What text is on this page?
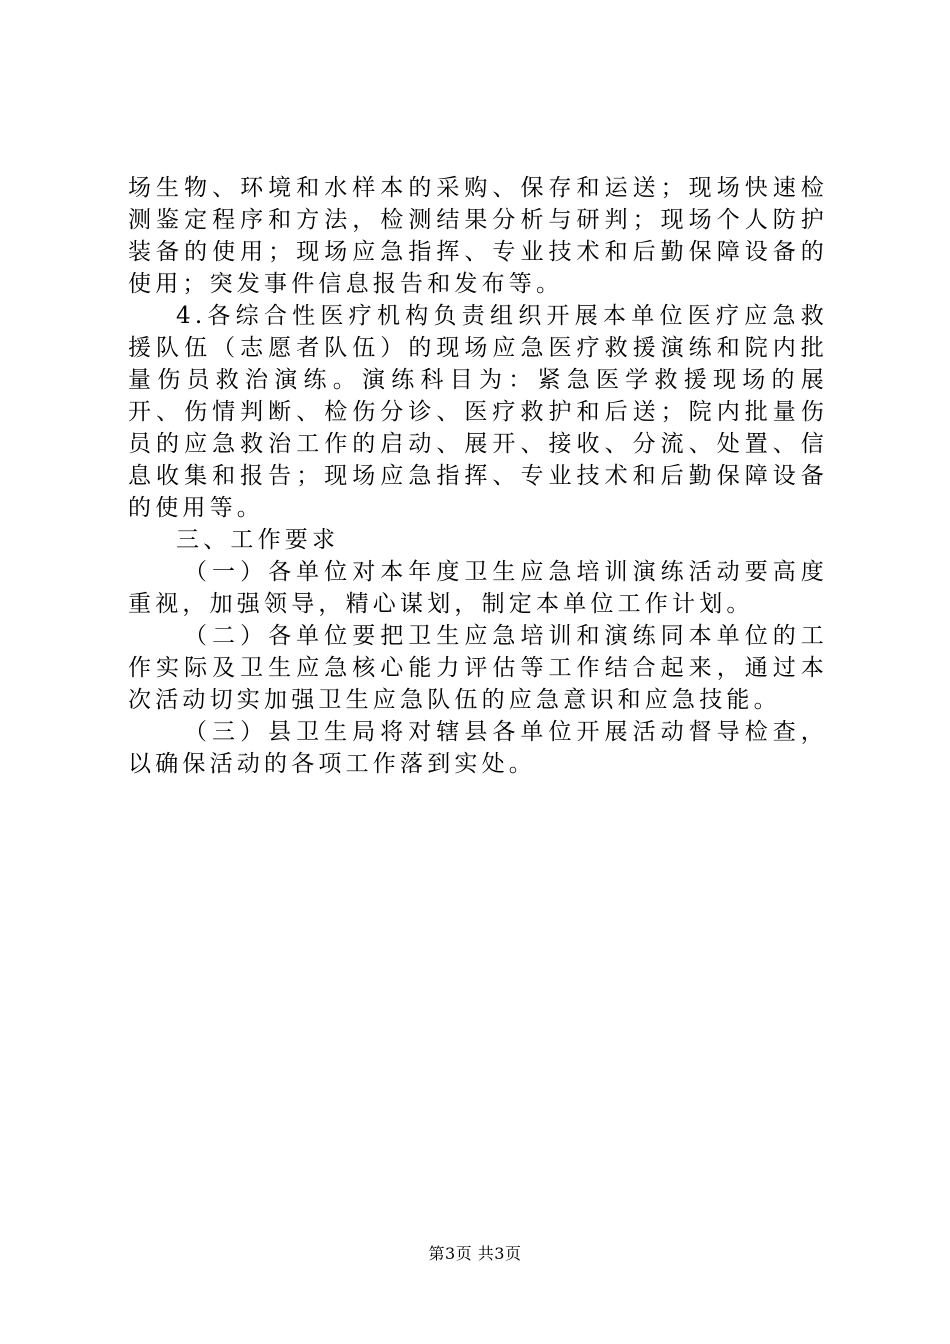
场生物、环境和水样本的采购、保存和运送；现场快速检测鉴定程序和方法，检测结果分析与研判；现场个人防护装备的使用；现场应急指挥、专业技术和后勤保障设备的使用；突发事件信息报告和发布等。

4.各综合性医疗机构负责组织开展本单位医疗应急救援队伍（志愿者队伍）的现场应急医疗救援演练和院内批量伤员救治演练。演练科目为：紧急医学救援现场的展开、伤情判断、检伤分诊、医疗救护和后送；院内批量伤员的应急救治工作的启动、展开、接收、分流、处置、信息收集和报告；现场应急指挥、专业技术和后勤保障设备的使用等。

三、工作要求

（一）各单位对本年度卫生应急培训演练活动要高度重视，加强领导，精心谋划，制定本单位工作计划。

（二）各单位要把卫生应急培训和演练同本单位的工作实际及卫生应急核心能力评估等工作结合起来，通过本次活动切实加强卫生应急队伍的应急意识和应急技能。

（三）县卫生局将对辖县各单位开展活动督导检查，以确保活动的各项工作落到实处。

第3页 共3页
